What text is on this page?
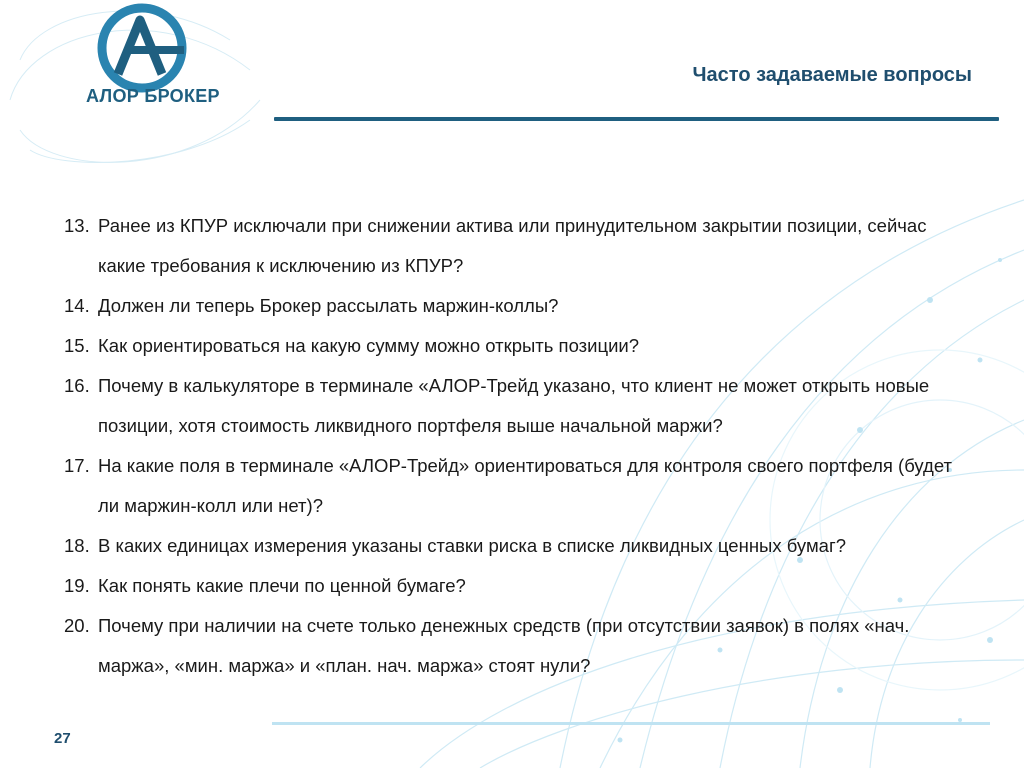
АЛОР БРОКЕР
Часто задаваемые вопросы
13. Ранее из КПУР исключали при снижении актива или принудительном закрытии позиции, сейчас какие требования к исключению из КПУР?
14. Должен ли теперь Брокер рассылать маржин-коллы?
15. Как ориентироваться на какую сумму можно открыть позиции?
16. Почему в калькуляторе в терминале «АЛОР-Трейд указано, что клиент не может открыть новые позиции, хотя стоимость ликвидного портфеля выше начальной маржи?
17. На какие поля в терминале «АЛОР-Трейд» ориентироваться для контроля своего портфеля (будет ли маржин-колл или нет)?
18. В каких единицах измерения указаны ставки риска в списке ликвидных ценных бумаг?
19. Как понять какие плечи по ценной бумаге?
20. Почему при наличии на счете только денежных средств (при отсутствии заявок) в полях «нач. маржа», «мин. маржа» и «план. нач. маржа» стоят нули?
27
